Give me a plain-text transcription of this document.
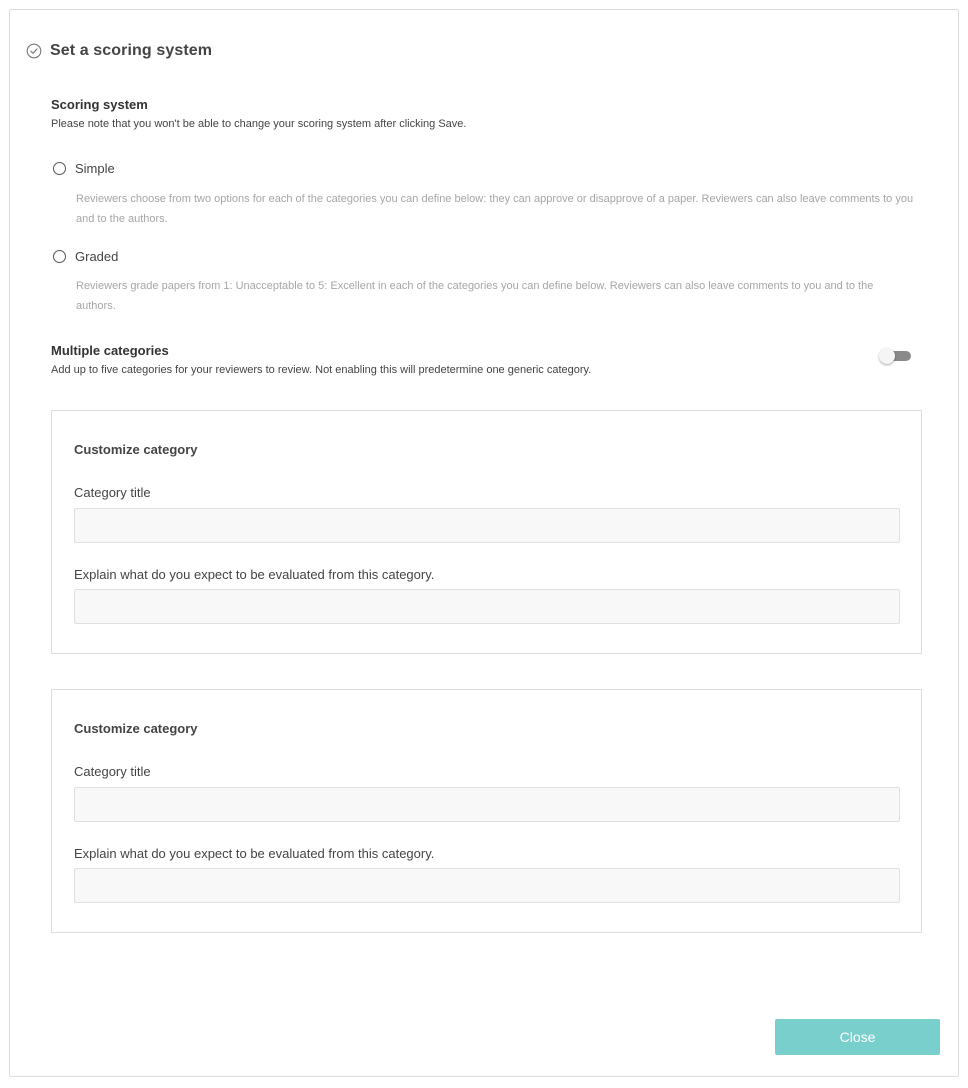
Set a scoring system
Scoring system
Please note that you won't be able to change your scoring system after clicking Save.
Simple
Reviewers choose from two options for each of the categories you can define below: they can approve or disapprove of a paper. Reviewers can also leave comments to you and to the authors.
Graded
Reviewers grade papers from 1: Unacceptable to 5: Excellent in each of the categories you can define below. Reviewers can also leave comments to you and to the authors.
Multiple categories
Add up to five categories for your reviewers to review. Not enabling this will predetermine one generic category.
Customize category
Category title
Explain what do you expect to be evaluated from this category.
Customize category
Category title
Explain what do you expect to be evaluated from this category.
Close
